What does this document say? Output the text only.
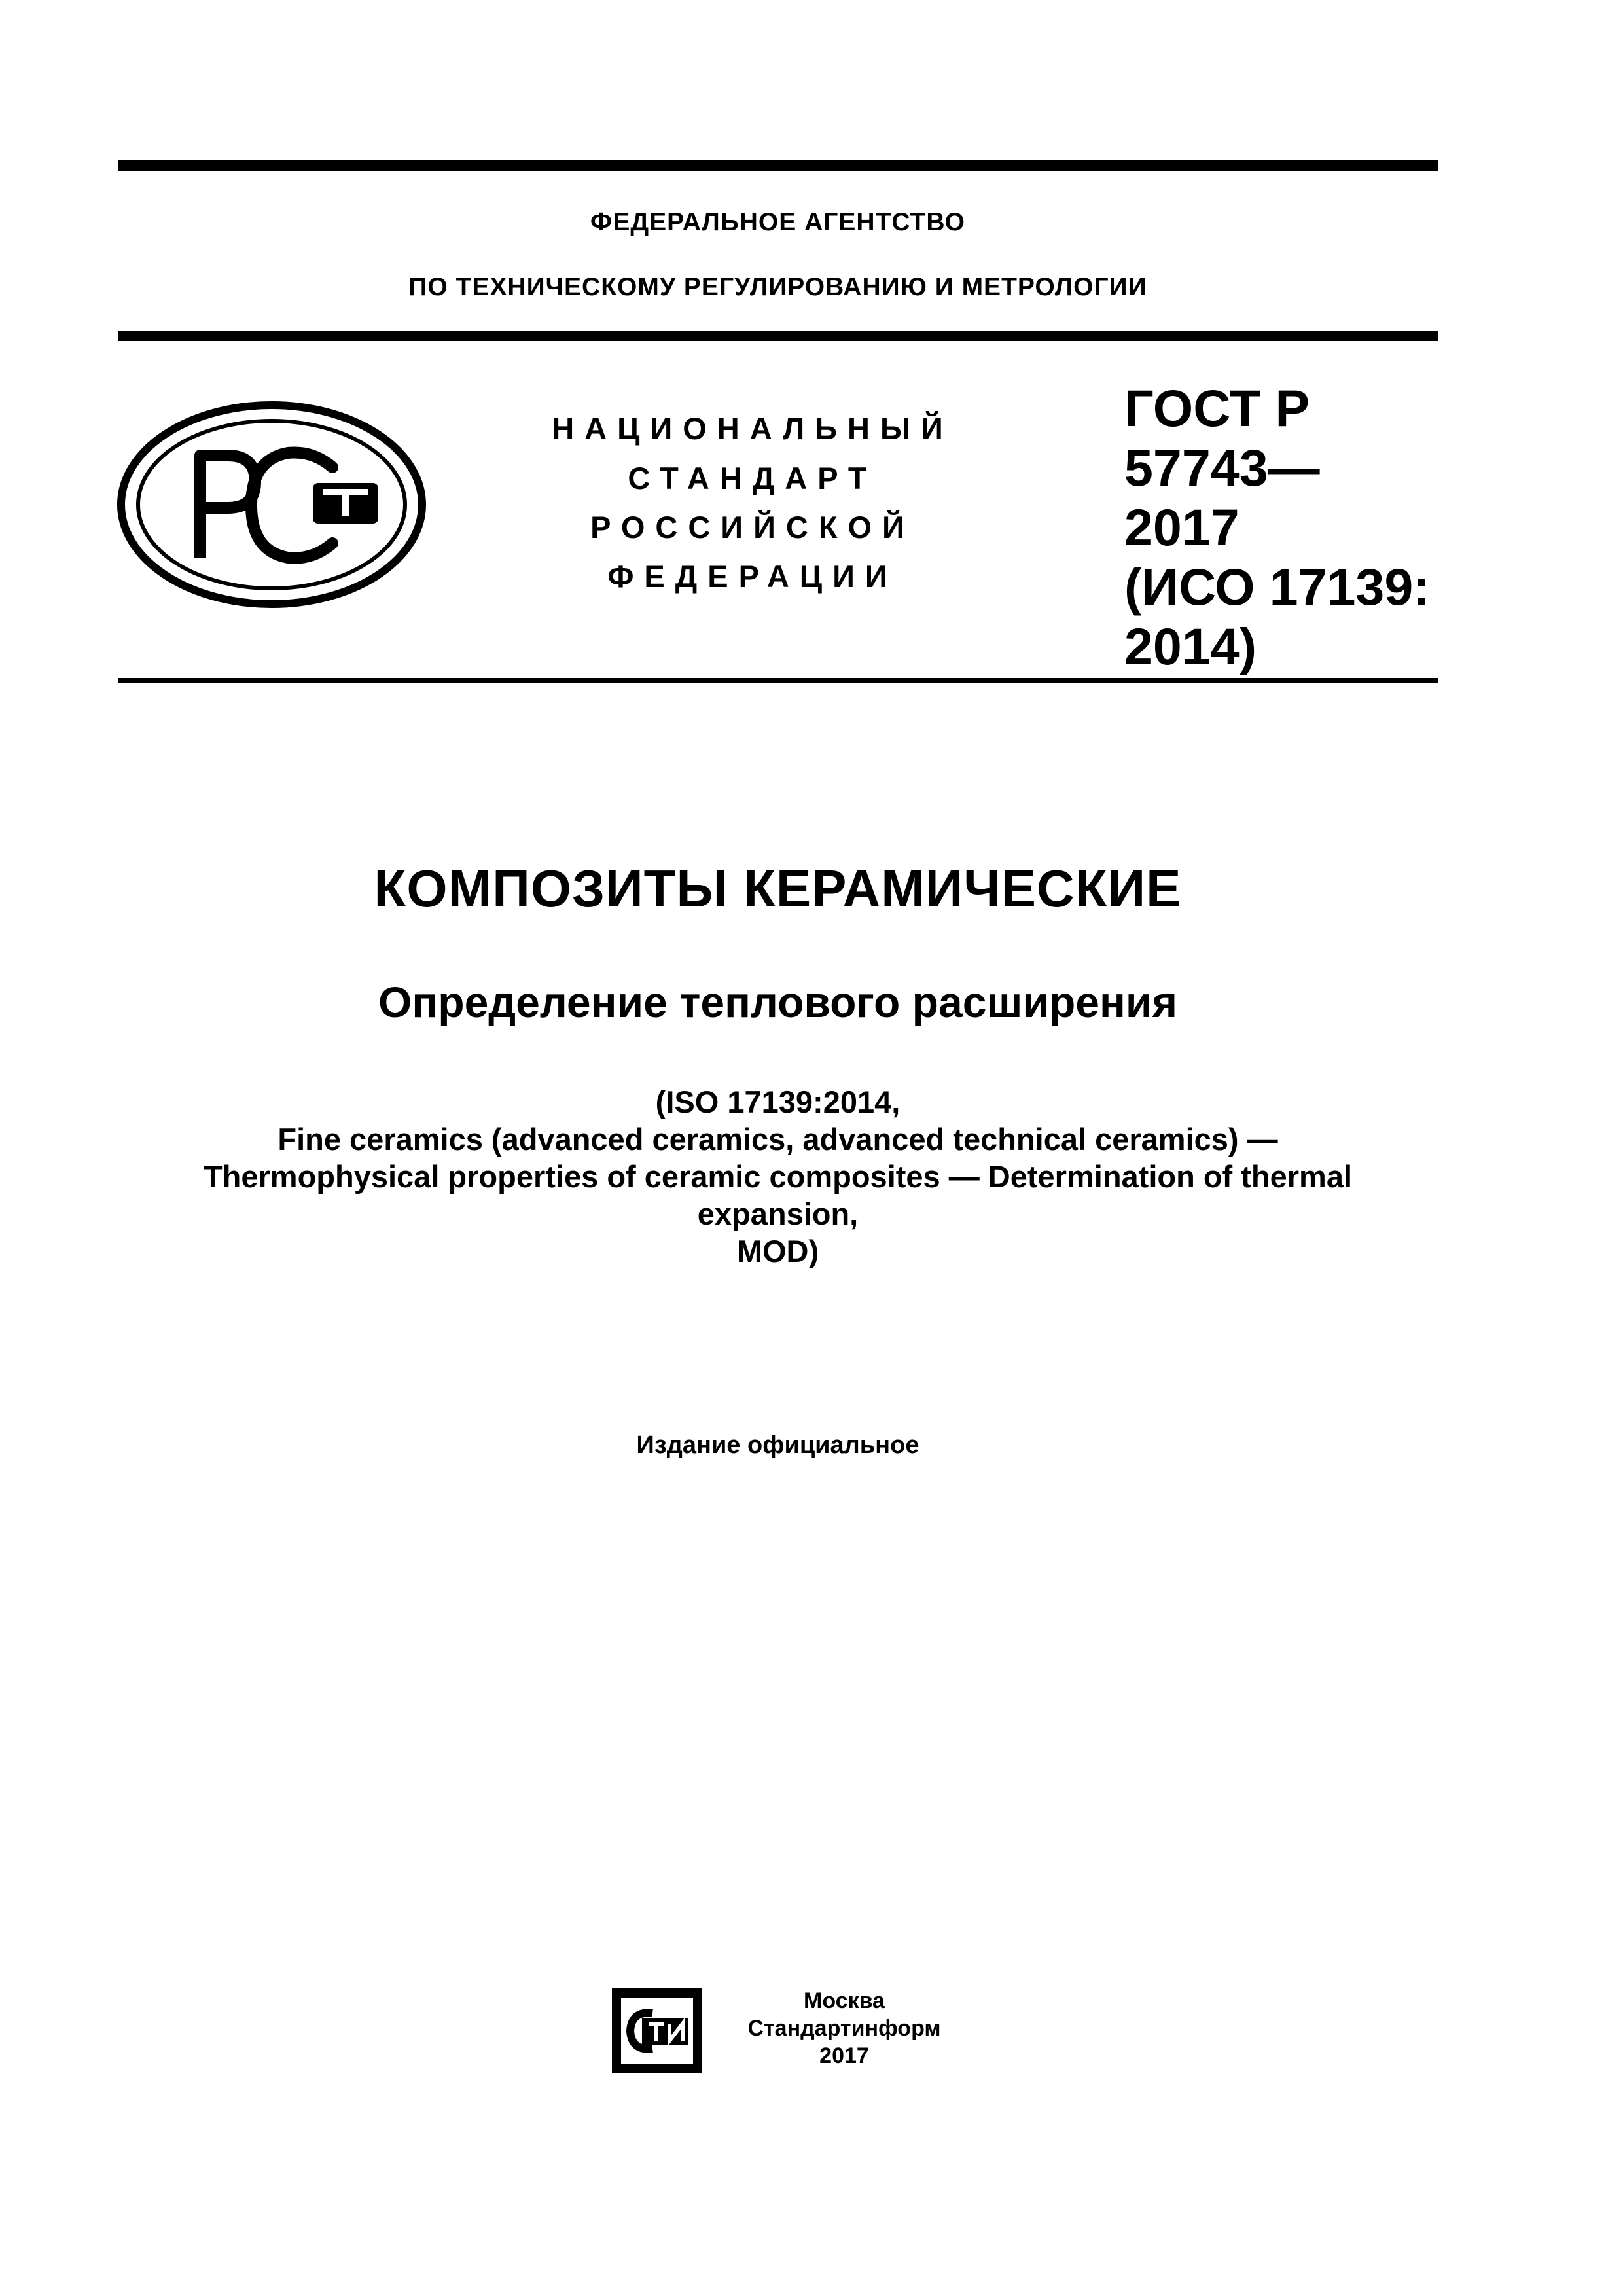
ФЕДЕРАЛЬНОЕ АГЕНТСТВО
ПО ТЕХНИЧЕСКОМУ РЕГУЛИРОВАНИЮ И МЕТРОЛОГИИ
НАЦИОНАЛЬНЫЙ
СТАНДАРТ
РОССИЙСКОЙ
ФЕДЕРАЦИИ
ГОСТ Р
57743—
2017
(ИСО 17139:
2014)
КОМПОЗИТЫ КЕРАМИЧЕСКИЕ
Определение теплового расширения
(ISO 17139:2014,
Fine ceramics (advanced ceramics, advanced technical ceramics) —
Thermophysical properties of ceramic composites — Determination of thermal
expansion,
MOD)
Издание официальное
Москва
Стандартинформ
2017
